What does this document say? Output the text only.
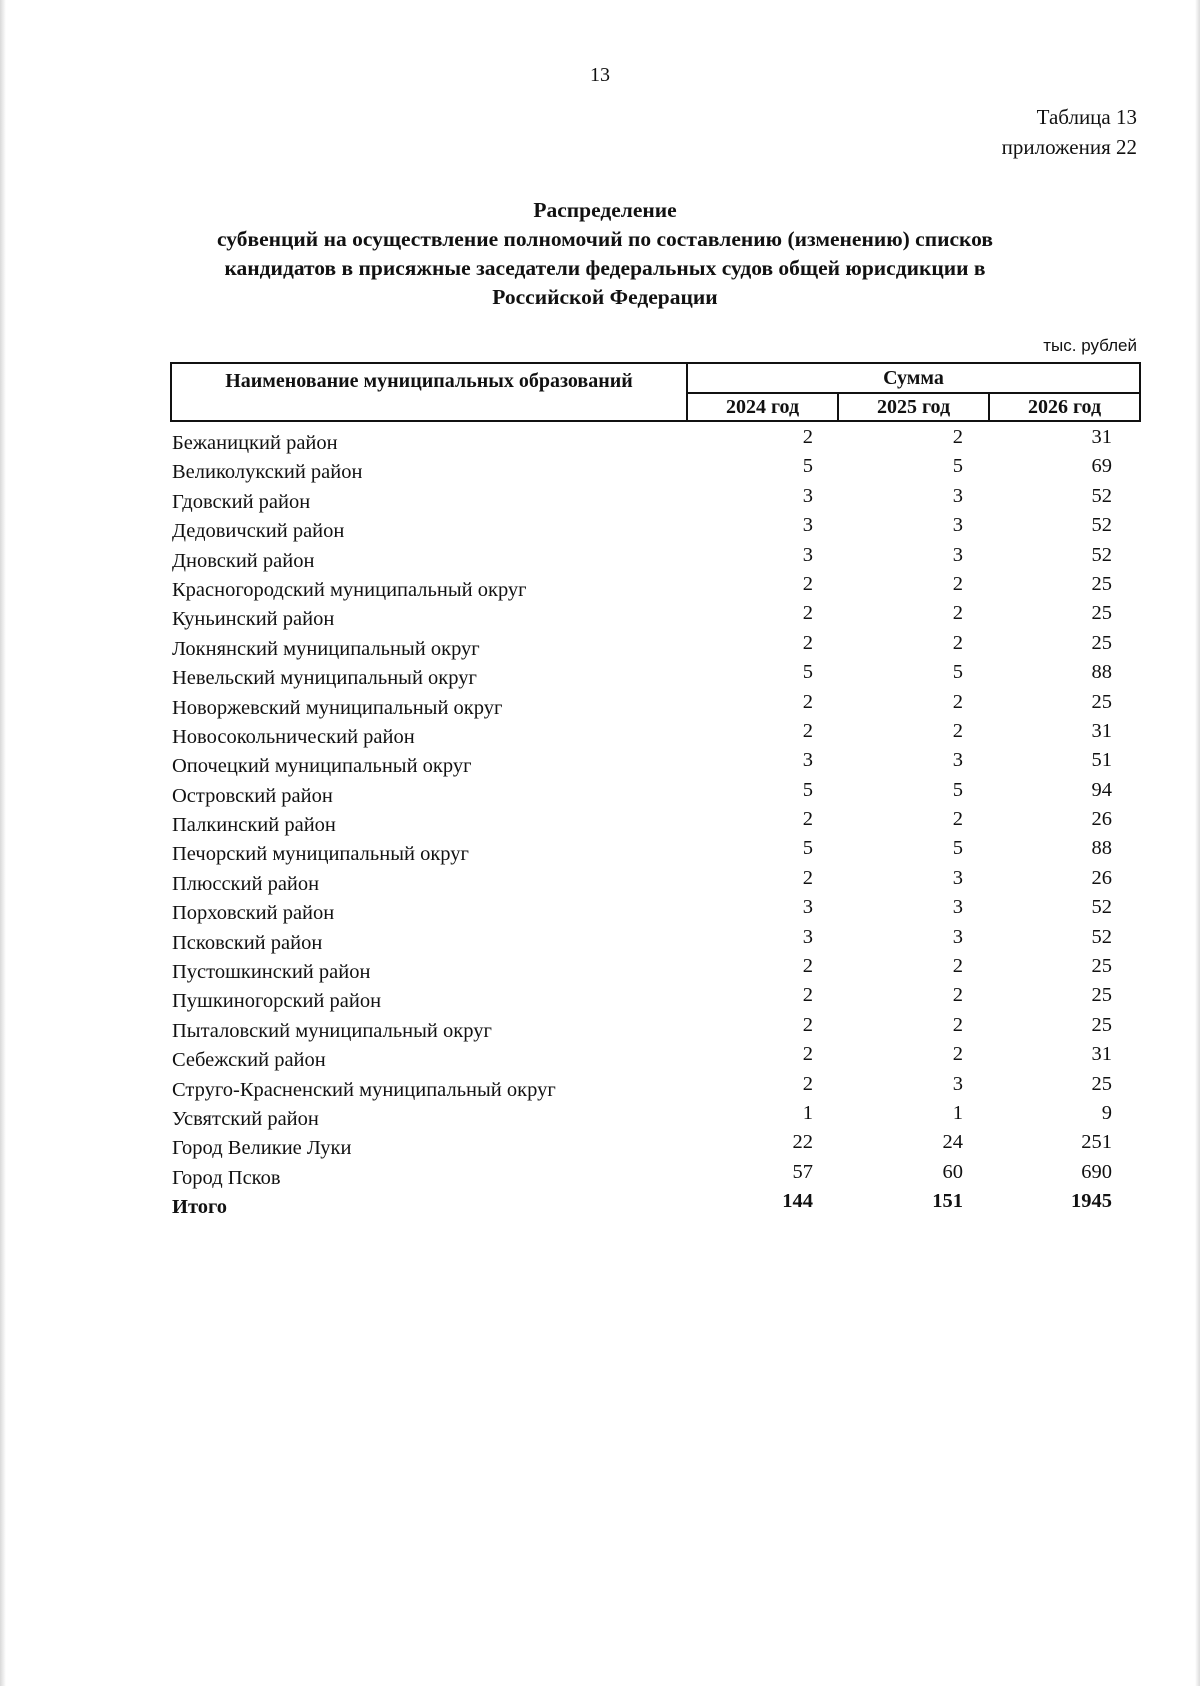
13
Таблица 13
приложения 22
Распределение
субвенций на осуществление полномочий по составлению (изменению) списков
кандидатов в присяжные заседатели федеральных судов общей юрисдикции в
Российской Федерации
тыс. рублей
Наименование муниципальных образований	Сумма		
	2024 год	2025 год	2026 год
Бежаницкий район	2	2	31
Великолукский район	5	5	69
Гдовский район	3	3	52
Дедовичский район	3	3	52
Дновский район	3	3	52
Красногородский муниципальный округ	2	2	25
Куньинский район	2	2	25
Локнянский муниципальный округ	2	2	25
Невельский муниципальный округ	5	5	88
Новоржевский муниципальный округ	2	2	25
Новосокольнический район	2	2	31
Опочецкий муниципальный округ	3	3	51
Островский район	5	5	94
Палкинский район	2	2	26
Печорский муниципальный округ	5	5	88
Плюсский район	2	3	26
Порховский район	3	3	52
Псковский район	3	3	52
Пустошкинский район	2	2	25
Пушкиногорский район	2	2	25
Пыталовский муниципальный округ	2	2	25
Себежский район	2	2	31
Струго-Красненский муниципальный округ	2	3	25
Усвятский район	1	1	9
Город Великие Луки	22	24	251
Город Псков	57	60	690
Итого	144	151	1945
